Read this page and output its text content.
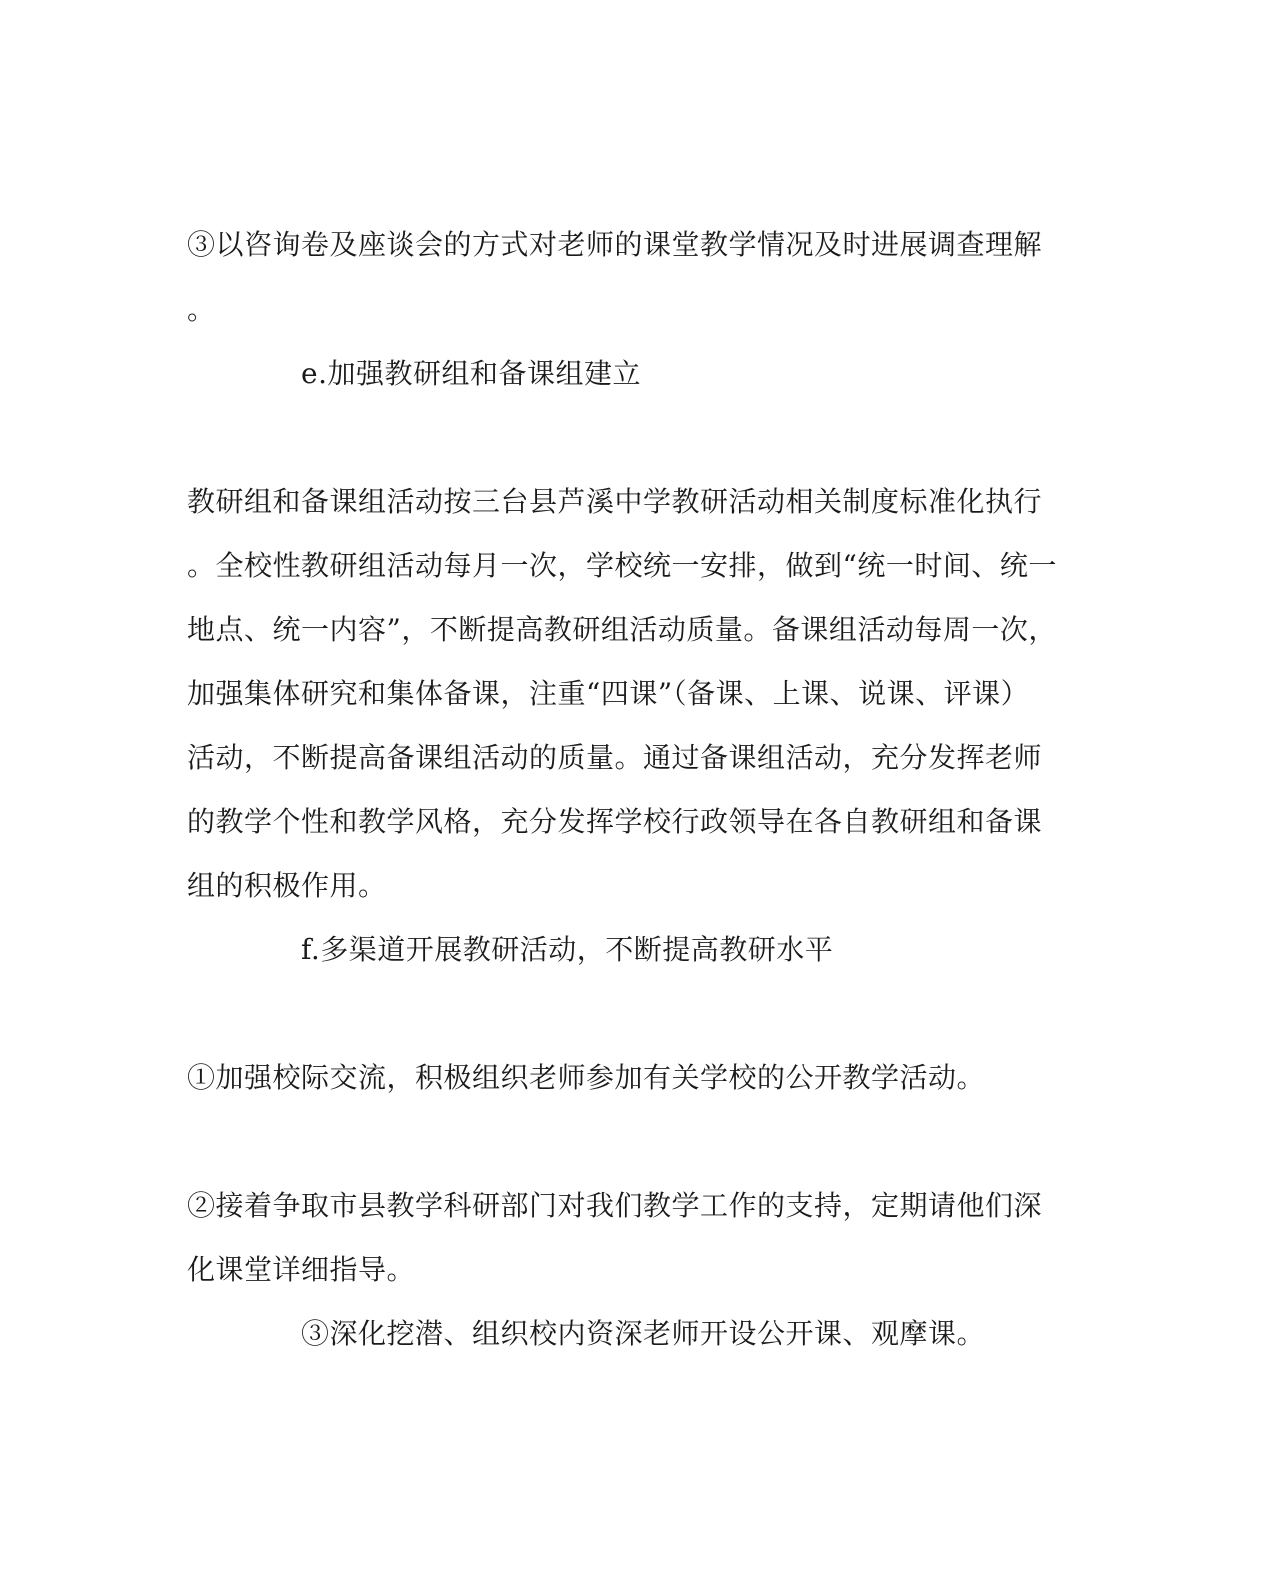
③以咨询卷及座谈会的方式对老师的课堂教学情况及时进展调查理解
。
e.加强教研组和备课组建立
教研组和备课组活动按三台县芦溪中学教研活动相关制度标准化执行
。全校性教研组活动每月一次，学校统一安排，做到“统一时间、统一
地点、统一内容”，不断提高教研组活动质量。备课组活动每周一次，
加强集体研究和集体备课，注重“四课”（备课、上课、说课、评课）
活动，不断提高备课组活动的质量。通过备课组活动，充分发挥老师
的教学个性和教学风格，充分发挥学校行政领导在各自教研组和备课
组的积极作用。
f.多渠道开展教研活动，不断提高教研水平
①加强校际交流，积极组织老师参加有关学校的公开教学活动。
②接着争取市县教学科研部门对我们教学工作的支持，定期请他们深
化课堂详细指导。
③深化挖潜、组织校内资深老师开设公开课、观摩课。
